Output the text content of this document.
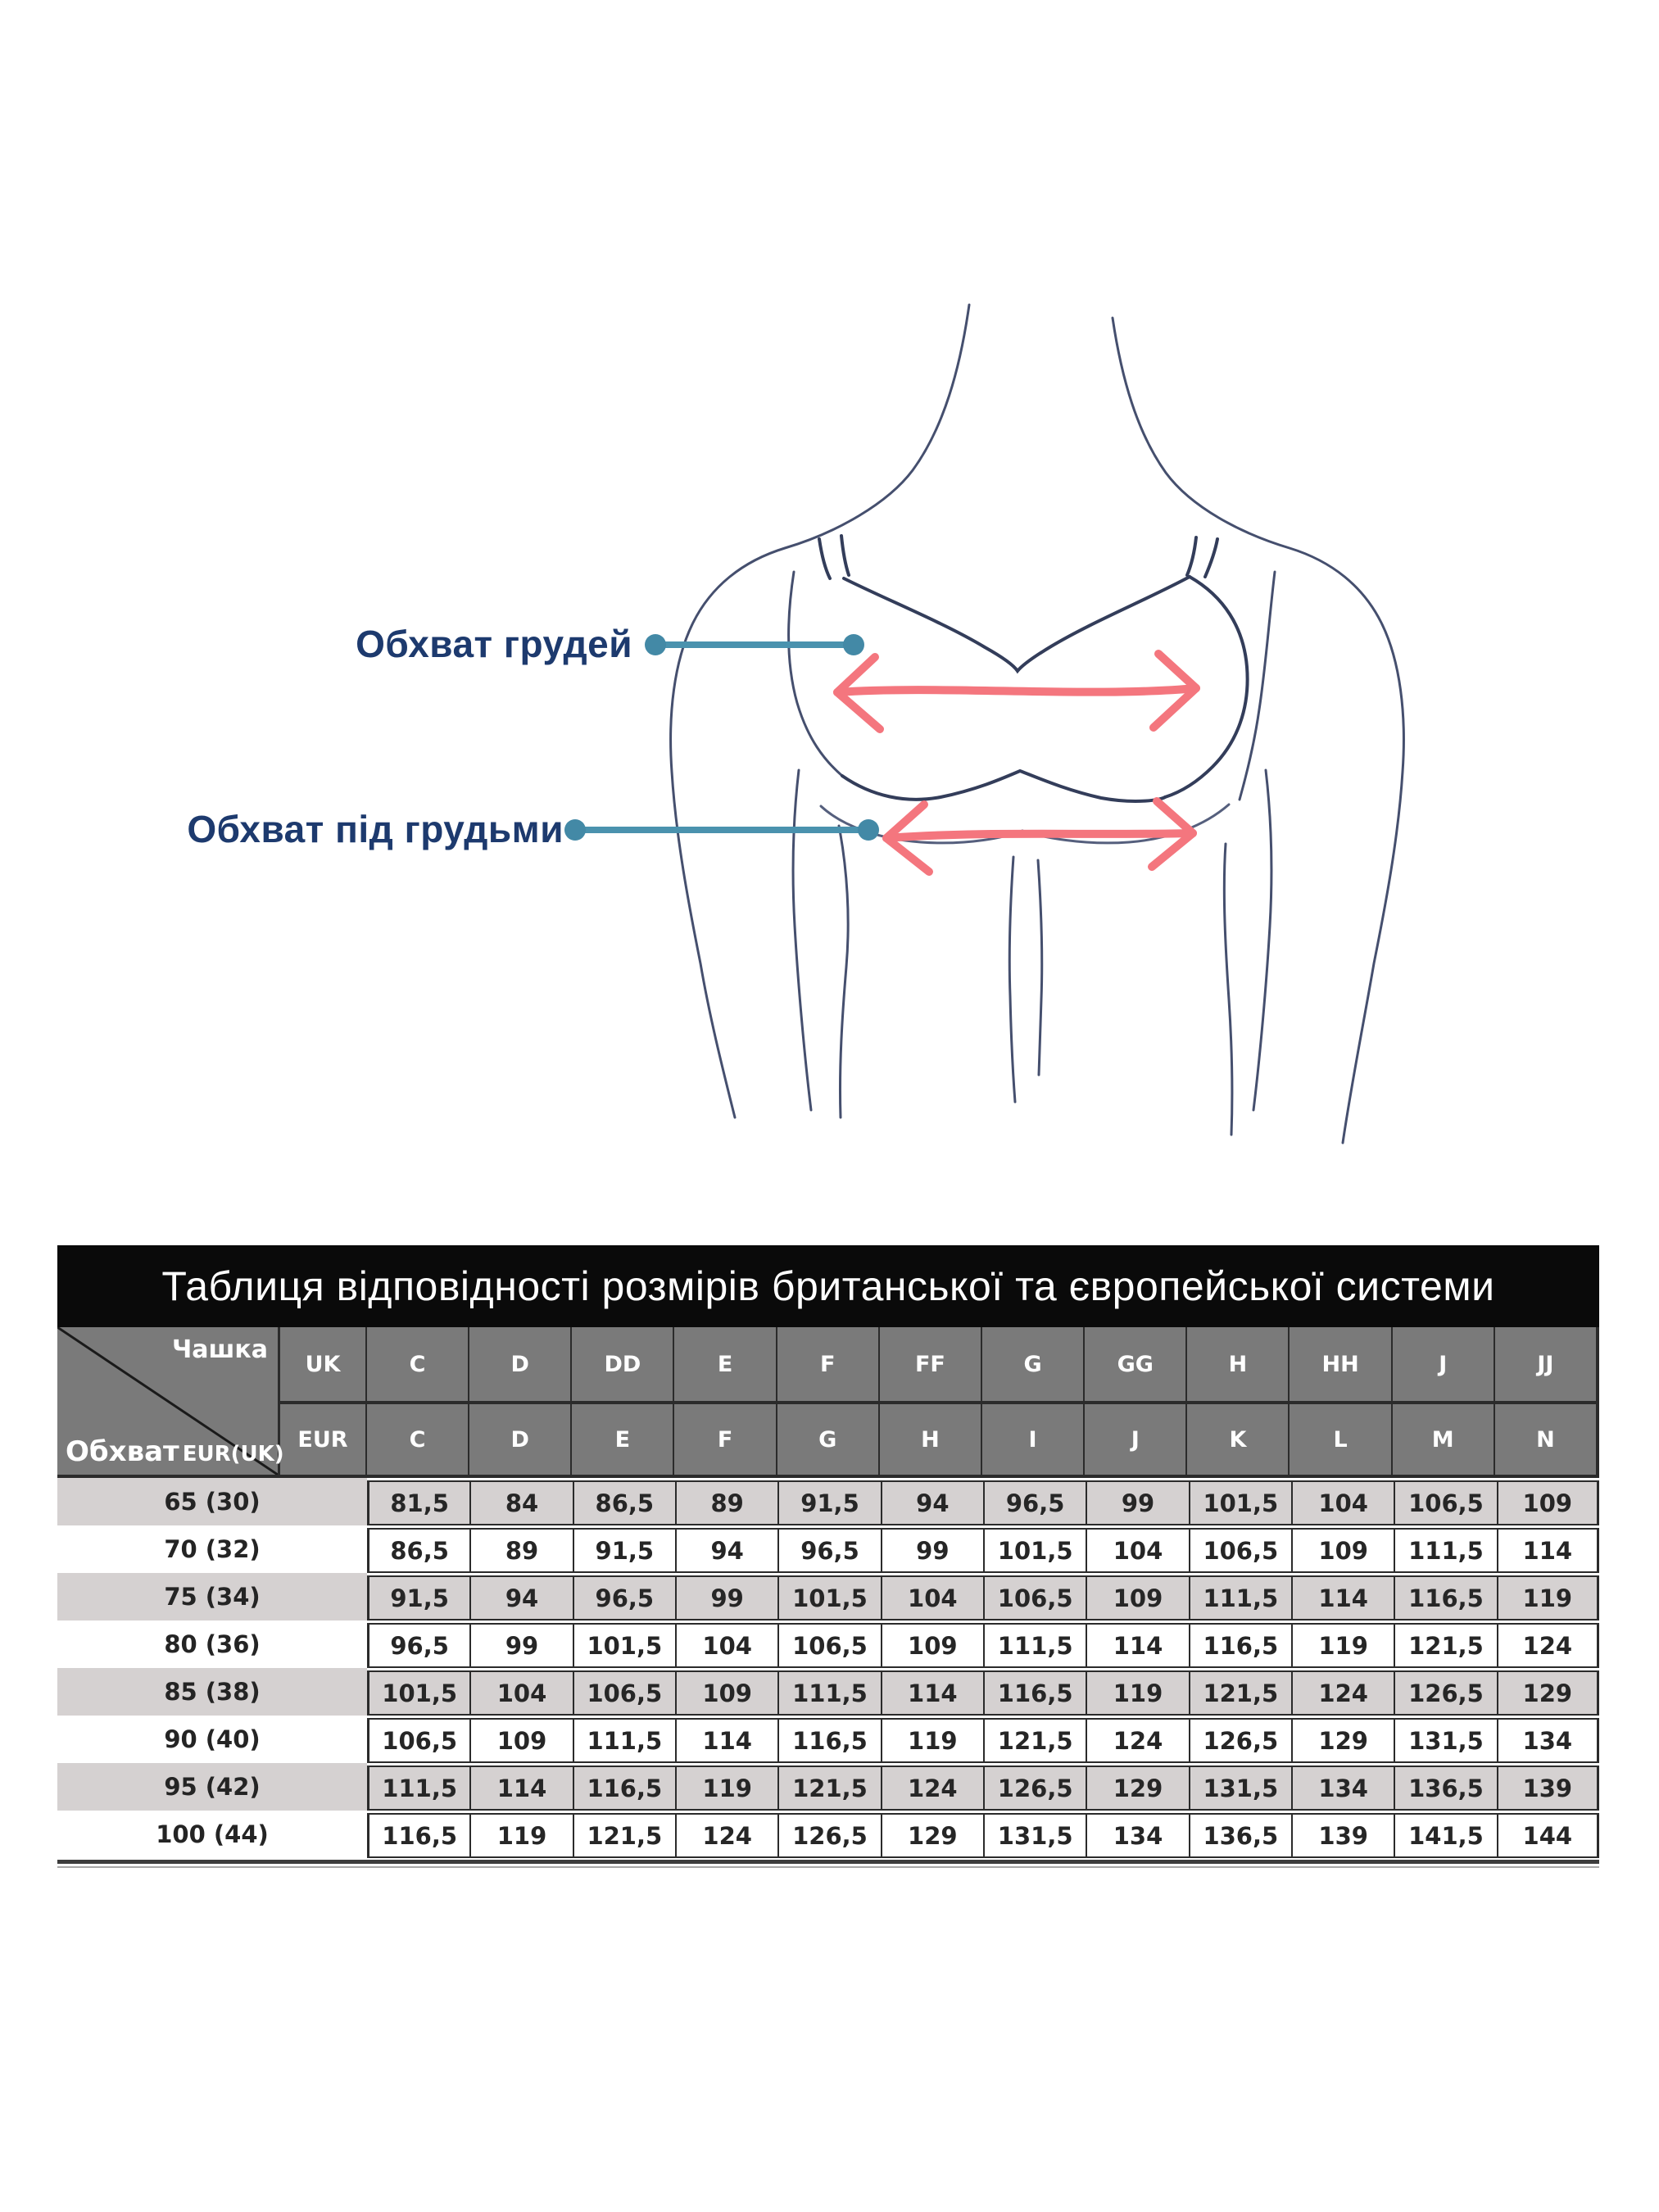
Обхват грудей
Обхват під грудьми
Таблиця відповідності розмірів британської та європейської системи
Чашка
Обхват EUR(UK)
UK	C	D	DD	E	F	FF	G	GG	H	HH	J	JJ
EUR	C	D	E	F	G	H	I	J	K	L	M	N
65 (30)	81,5	84	86,5	89	91,5	94	96,5	99	101,5	104	106,5	109
70 (32)	86,5	89	91,5	94	96,5	99	101,5	104	106,5	109	111,5	114
75 (34)	91,5	94	96,5	99	101,5	104	106,5	109	111,5	114	116,5	119
80 (36)	96,5	99	101,5	104	106,5	109	111,5	114	116,5	119	121,5	124
85 (38)	101,5	104	106,5	109	111,5	114	116,5	119	121,5	124	126,5	129
90 (40)	106,5	109	111,5	114	116,5	119	121,5	124	126,5	129	131,5	134
95 (42)	111,5	114	116,5	119	121,5	124	126,5	129	131,5	134	136,5	139
100 (44)	116,5	119	121,5	124	126,5	129	131,5	134	136,5	139	141,5	144
